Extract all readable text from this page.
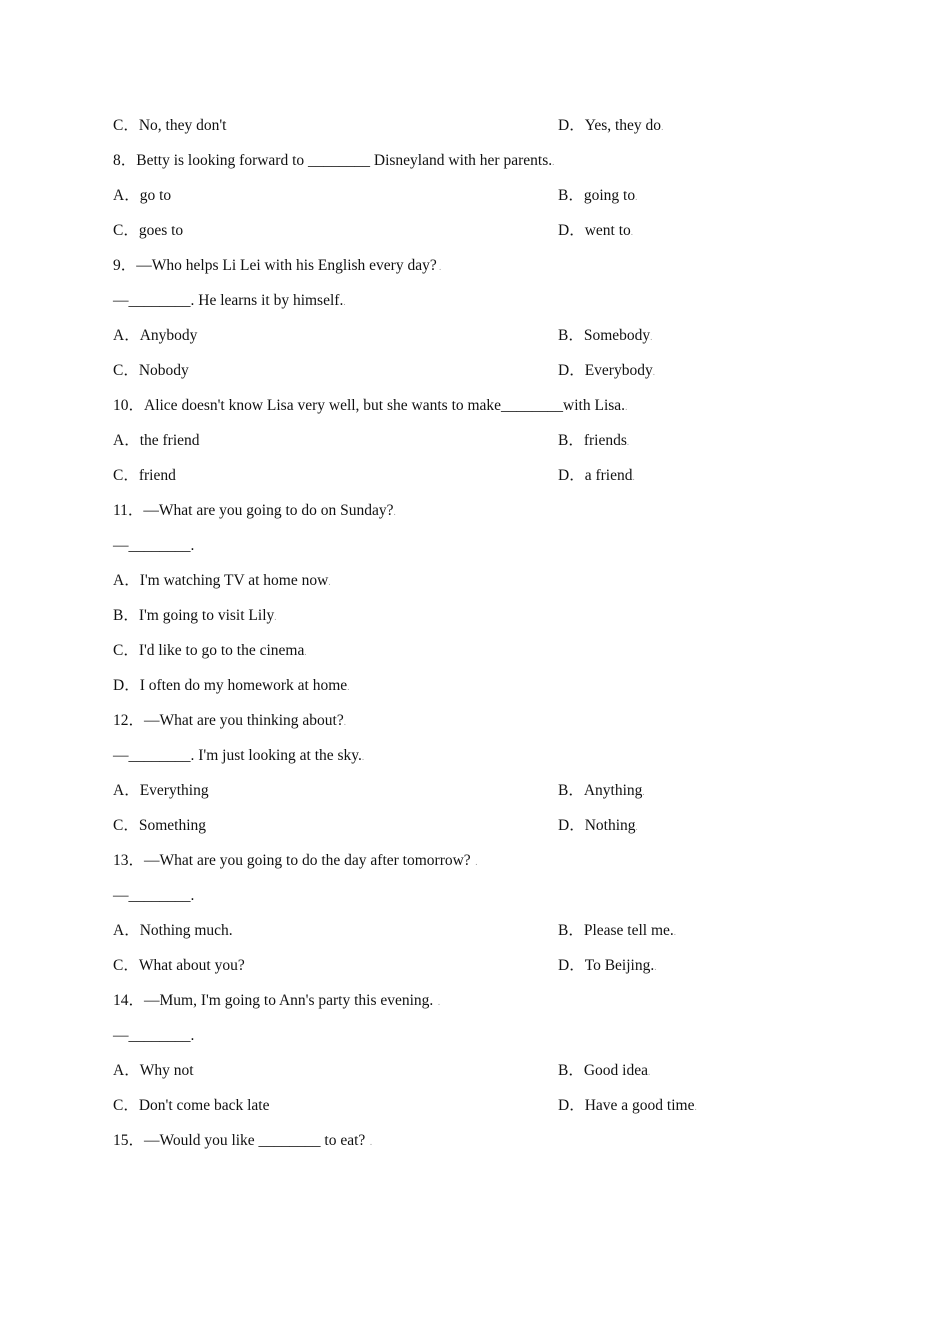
C．No, they don't	D．Yes, they do.
8．Betty is looking forward to ________ Disneyland with her parents..
A．go to	B．going to.
C．goes to	D．went to.
9．—Who helps Li Lei with his English every day? .
—________. He learns it by himself..
A．Anybody	B．Somebody.
C．Nobody	D．Everybody.
10．Alice doesn't know Lisa very well, but she wants to make________with Lisa..
A．the friend	B．friends.
C．friend	D．a friend.
11．—What are you going to do on Sunday?.
—________.
A．I'm watching TV at home now.
B．I'm going to visit Lily.
C．I'd like to go to the cinema.
D．I often do my homework at home.
12．—What are you thinking about?.
—________. I'm just looking at the sky..
A．Everything	B．Anything.
C．Something	D．Nothing.
13．—What are you going to do the day after tomorrow?  .
—________.
A．Nothing much.	B．Please tell me..
C．What about you?	D．To Beijing..
14．—Mum, I'm going to Ann's party this evening.  .
—________.
A．Why not	B．Good idea.
C．Don't come back late	D．Have a good time.
15．—Would you like ________ to eat?  .
